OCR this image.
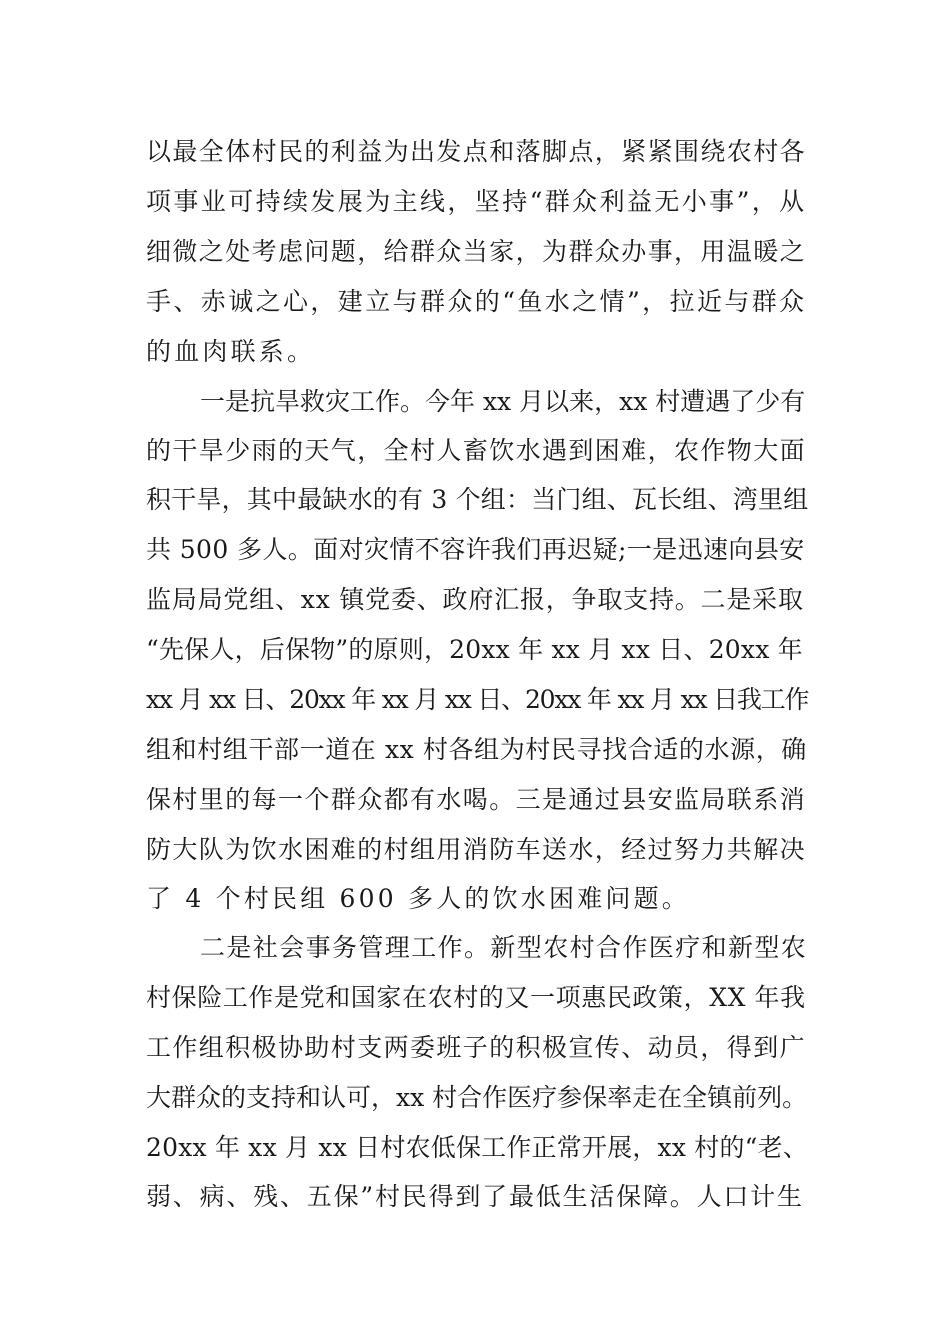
以最全体村民的利益为出发点和落脚点，紧紧围绕农村各
项事业可持续发展为主线，坚持“群众利益无小事”，从
细微之处考虑问题，给群众当家，为群众办事，用温暖之
手、赤诚之心，建立与群众的“鱼水之情”，拉近与群众
的血肉联系。
一是抗旱救灾工作。今年 xx 月以来，xx 村遭遇了少有
的干旱少雨的天气，全村人畜饮水遇到困难，农作物大面
积干旱，其中最缺水的有 3 个组：当门组、瓦长组、湾里组
共 500 多人。面对灾情不容许我们再迟疑;一是迅速向县安
监局局党组、xx 镇党委、政府汇报，争取支持。二是采取
“先保人，后保物”的原则，20xx 年 xx 月 xx 日、20xx 年
xx 月 xx 日、20xx 年 xx 月 xx 日、20xx 年 xx 月 xx 日我工作
组和村组干部一道在 xx 村各组为村民寻找合适的水源，确
保村里的每一个群众都有水喝。三是通过县安监局联系消
防大队为饮水困难的村组用消防车送水，经过努力共解决
了 4 个村民组 600 多人的饮水困难问题。
二是社会事务管理工作。新型农村合作医疗和新型农
村保险工作是党和国家在农村的又一项惠民政策，XX 年我
工作组积极协助村支两委班子的积极宣传、动员，得到广
大群众的支持和认可，xx 村合作医疗参保率走在全镇前列。
20xx 年 xx 月 xx 日村农低保工作正常开展，xx 村的“老、
弱、病、残、五保”村民得到了最低生活保障。人口计生
